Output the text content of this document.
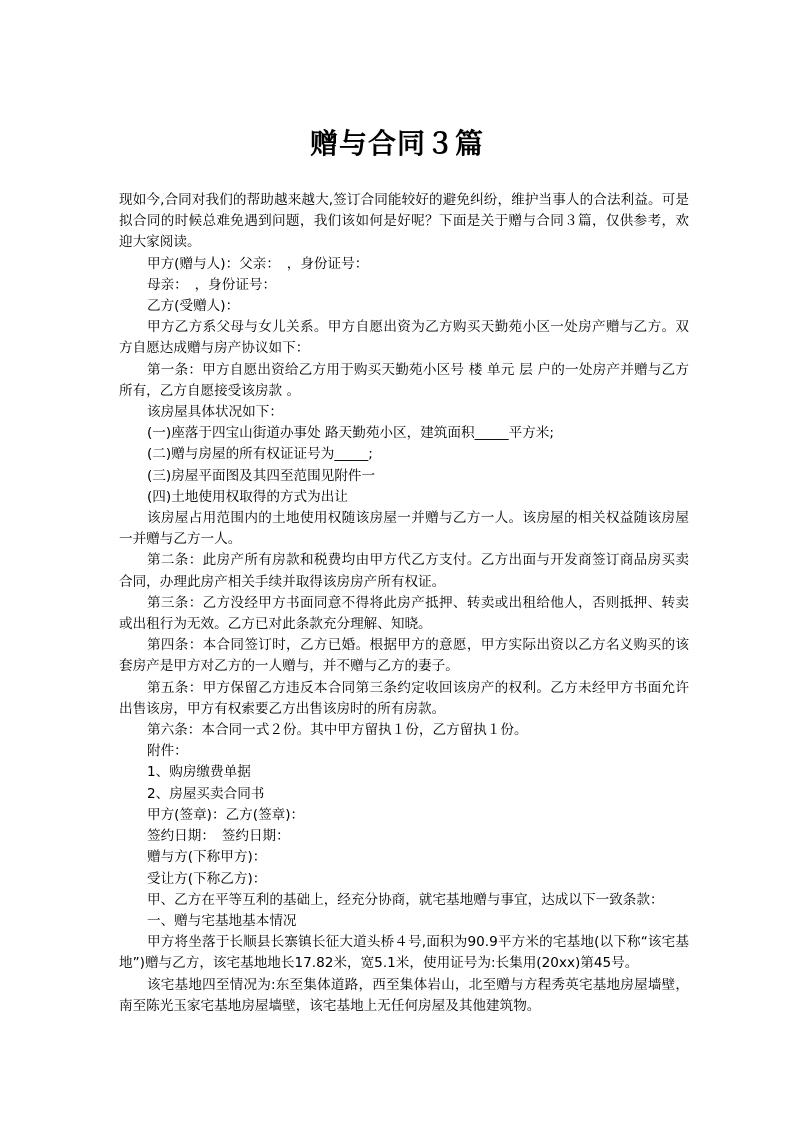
赠与合同３篇

现如今,合同对我们的帮助越来越大,签订合同能较好的避免纠纷，维护当事人的合法利益。可是拟合同的时候总难免遇到问题，我们该如何是好呢？下面是关于赠与合同３篇，仅供参考，欢迎大家阅读。

甲方(赠与人)：父亲：　，身份证号：

母亲：　，身份证号：

乙方(受赠人)：

甲方乙方系父母与女儿关系。甲方自愿出资为乙方购买天勤苑小区一处房产赠与乙方。双方自愿达成赠与房产协议如下：

第一条：甲方自愿出资给乙方用于购买天勤苑小区号 楼 单元 层 户的一处房产并赠与乙方所有，乙方自愿接受该房款 。

该房屋具体状况如下：

(一)座落于四宝山街道办事处 路天勤苑小区，建筑面积_____平方米;

(二)赠与房屋的所有权证证号为_____;

(三)房屋平面图及其四至范围见附件一

(四)土地使用权取得的方式为出让

该房屋占用范围内的土地使用权随该房屋一并赠与乙方一人。该房屋的相关权益随该房屋一并赠与乙方一人。

第二条：此房产所有房款和税费均由甲方代乙方支付。乙方出面与开发商签订商品房买卖合同，办理此房产相关手续并取得该房房产所有权证。

第三条：乙方没经甲方书面同意不得将此房产抵押、转卖或出租给他人，否则抵押、转卖或出租行为无效。乙方已对此条款充分理解、知晓。

第四条：本合同签订时，乙方已婚。根据甲方的意愿，甲方实际出资以乙方名义购买的该套房产是甲方对乙方的一人赠与，并不赠与乙方的妻子。

第五条：甲方保留乙方违反本合同第三条约定收回该房产的权利。乙方未经甲方书面允许出售该房，甲方有权索要乙方出售该房时的所有房款。

第六条：本合同一式２份。其中甲方留执１份，乙方留执１份。

附件：

1、购房缴费单据

2、房屋买卖合同书

甲方(签章)：乙方(签章)：

签约日期：　签约日期：

赠与方(下称甲方)：

受让方(下称乙方)：

甲、乙方在平等互利的基础上，经充分协商，就宅基地赠与事宜，达成以下一致条款：

一、赠与宅基地基本情况

甲方将坐落于长顺县长寨镇长征大道头桥４号,面积为90.9平方米的宅基地(以下称“该宅基地”)赠与乙方，该宅基地地长17.82米，宽5.1米，使用证号为:长集用(20xx)第45号。

该宅基地四至情况为:东至集体道路，西至集体岩山，北至赠与方程秀英宅基地房屋墙壁，南至陈光玉家宅基地房屋墙壁，该宅基地上无任何房屋及其他建筑物。
